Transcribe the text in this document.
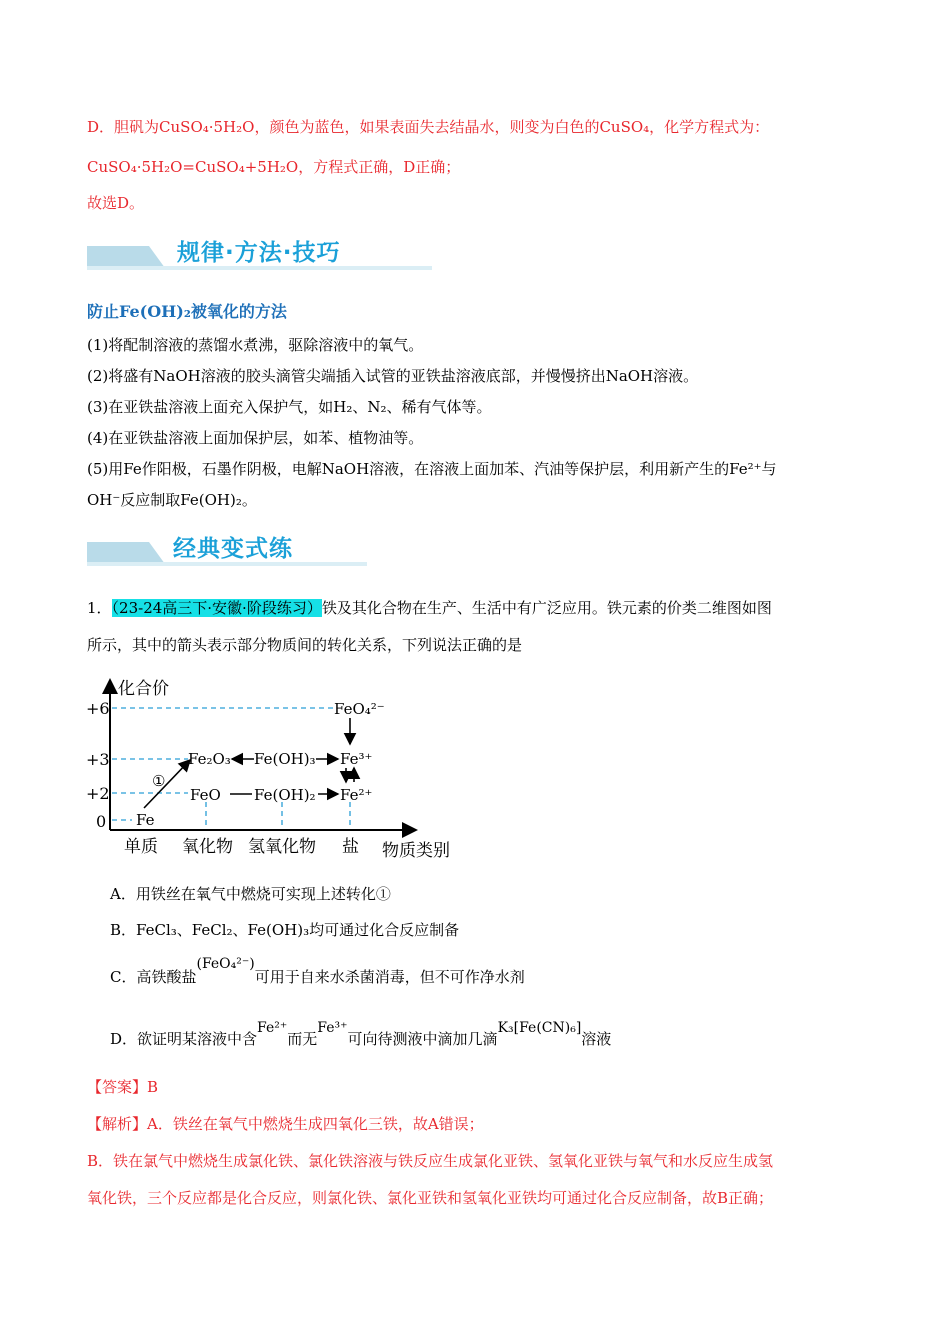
D．胆矾为CuSO₄·5H₂O，颜色为蓝色，如果表面失去结晶水，则变为白色的CuSO₄，化学方程式为：
CuSO₄·5H₂O=CuSO₄+5H₂O，方程式正确，D正确；
故选D。
规律·方法·技巧
防止Fe(OH)₂被氧化的方法
(1)将配制溶液的蒸馏水煮沸，驱除溶液中的氧气。
(2)将盛有NaOH溶液的胶头滴管尖端插入试管的亚铁盐溶液底部，并慢慢挤出NaOH溶液。
(3)在亚铁盐溶液上面充入保护气，如H₂、N₂、稀有气体等。
(4)在亚铁盐溶液上面加保护层，如苯、植物油等。
(5)用Fe作阳极，石墨作阴极，电解NaOH溶液，在溶液上面加苯、汽油等保护层，利用新产生的Fe²⁺与
OH⁻反应制取Fe(OH)₂。
经典变式练
1．（23-24高三下·安徽·阶段练习）铁及其化合物在生产、生活中有广泛应用。铁元素的价类二维图如图
所示，其中的箭头表示部分物质间的转化关系，下列说法正确的是
化合价
物质类别
+6
+3
+2
0
单质 氧化物 氢氧化物 盐
Fe
FeO
Fe₂O₃
Fe(OH)₂
Fe(OH)₃
Fe²⁺
Fe³⁺
FeO₄²⁻
①
A．用铁丝在氧气中燃烧可实现上述转化①
B．FeCl₃、FeCl₂、Fe(OH)₃均可通过化合反应制备
C．高铁酸盐(FeO₄²⁻)可用于自来水杀菌消毒，但不可作净水剂
D．欲证明某溶液中含Fe²⁺而无Fe³⁺可向待测液中滴加几滴K₃[Fe(CN)₆]溶液
【答案】B
【解析】A．铁丝在氧气中燃烧生成四氧化三铁，故A错误；
B．铁在氯气中燃烧生成氯化铁、氯化铁溶液与铁反应生成氯化亚铁、氢氧化亚铁与氧气和水反应生成氢
氧化铁，三个反应都是化合反应，则氯化铁、氯化亚铁和氢氧化亚铁均可通过化合反应制备，故B正确；
